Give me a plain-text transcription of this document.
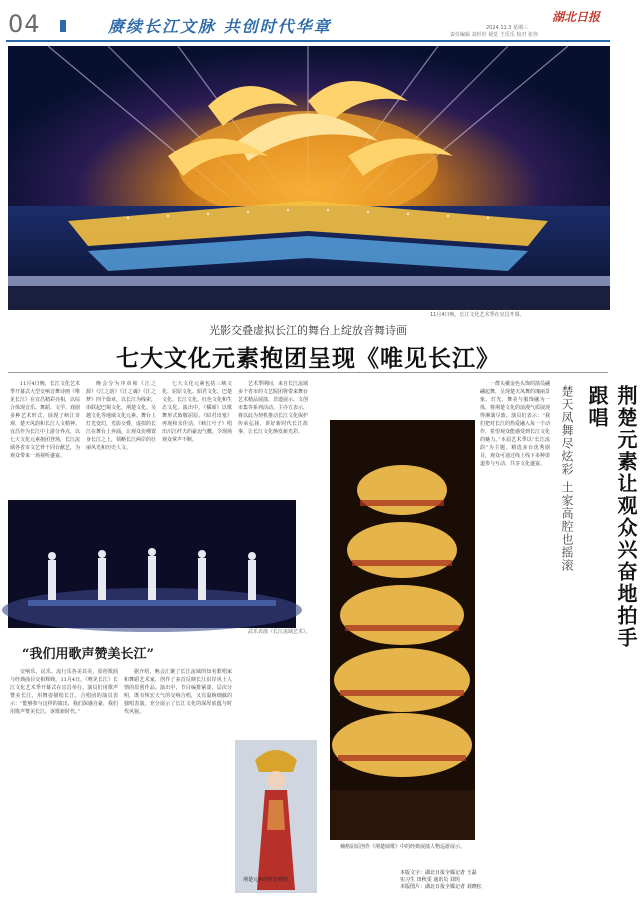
04	赓续长江文脉 共创时代华章	湖北日报
2024.11.3 星期三
责任编辑 刘杉杉 视觉 王乐乐 校对 张伟
11月4日晚，长江文化艺术季在宜昌开幕。
光影交叠虚拟长江的舞台上绽放音舞诗画
七大文化元素抱团呈现《唯见长江》

11月4日晚，长江文化艺术季开幕式大型交响音舞诗画《唯见长江》在宜昌精彩亮相，以综合体现音乐、舞蹈、文学、戏剧多种艺术形式，展现了峡江奇观、楚天风韵和长江人文精神。宜昌作为长江中上游分界点，以七大文化元素抱团登场，长江流域各省市文艺骨干同台献艺，为观众带来一场视听盛宴。

晚会分为序章和《江之源》《江之韵》《江之魂》《江之梦》四个篇章，以长江为线索，串联起巴蜀文化、荆楚文化、吴越文化等地域文化元素。舞台上灯光变幻，光影交叠，虚拟的长江在舞台上奔涌，让观众仿佛置身长江之上，领略长江两岸的壮丽风光和历史人文。

七大文化元素包括三峡文化、屈原文化、昭君文化、巴楚文化、长江文化、红色文化和生态文化。演出中，《橘颂》以歌舞形式致敬屈原，《昭君出塞》再现和亲佳话，《峡江号子》唱出川江纤夫的豪迈气概，令现场观众掌声不断。

艺术季期间，来自长江流域多个省市的文艺院团将带来舞台艺术精品展演、非遗展示、文创市集等系列活动。主办方表示，将以此为契机推动长江文化保护传承弘扬，讲好新时代长江故事，让长江文化焕发新光彩。

武乐表演《长江流域艺术》。
“我们用歌声赞美长江”

交响乐、民乐、流行乐各美其美，原创歌曲与经典曲目交相辉映。11月4日，《唯见长江》长江文化艺术季开幕式在宜昌举行。演员们用歌声赞美长江，用舞姿描绘长江，合唱团的演员表示：“能够参与这样的演出，我们深感自豪，我们用歌声赞美长江，讴歌新时代。”

据介绍，晚会汇聚了长江流域的知名歌唱家和舞蹈艺术家，创作了多首反映长江沿岸风土人情的原创作品。演出中，节目编排紧凑，层次分明，既有恢宏大气的交响合唱，又有温婉细腻的独唱表演，充分展示了长江文化的深厚底蕴与时代风貌。

荆楚元素的时装模特。
楠格屈原创作《荆楚颂歌》中的经典展演人物巡游展示。

一群头戴金色头饰的演员翩翩起舞，呈现楚天凤舞的瑰丽景象。灯光、舞美与服饰融为一体，将荆楚文化的浪漫气质展现得淋漓尽致。演员们表示：“我们把对长江的热爱融入每一个动作，希望观众能感受到长江文化的魅力。”本届艺术季以“长江流韵”为主题，精选多台优秀剧目，观众可通过线上线下多种渠道参与互动，共享文化盛宴。	荆楚元素让观众兴奋地拍手跟唱
楚天凤舞尽炫彩 土家高腔也摇滚
本版文字：湖北日报全媒记者 王磊
实习生 田秋雯 通讯员 刘玥
本版图片：湖北日报全媒记者 刘晓松
